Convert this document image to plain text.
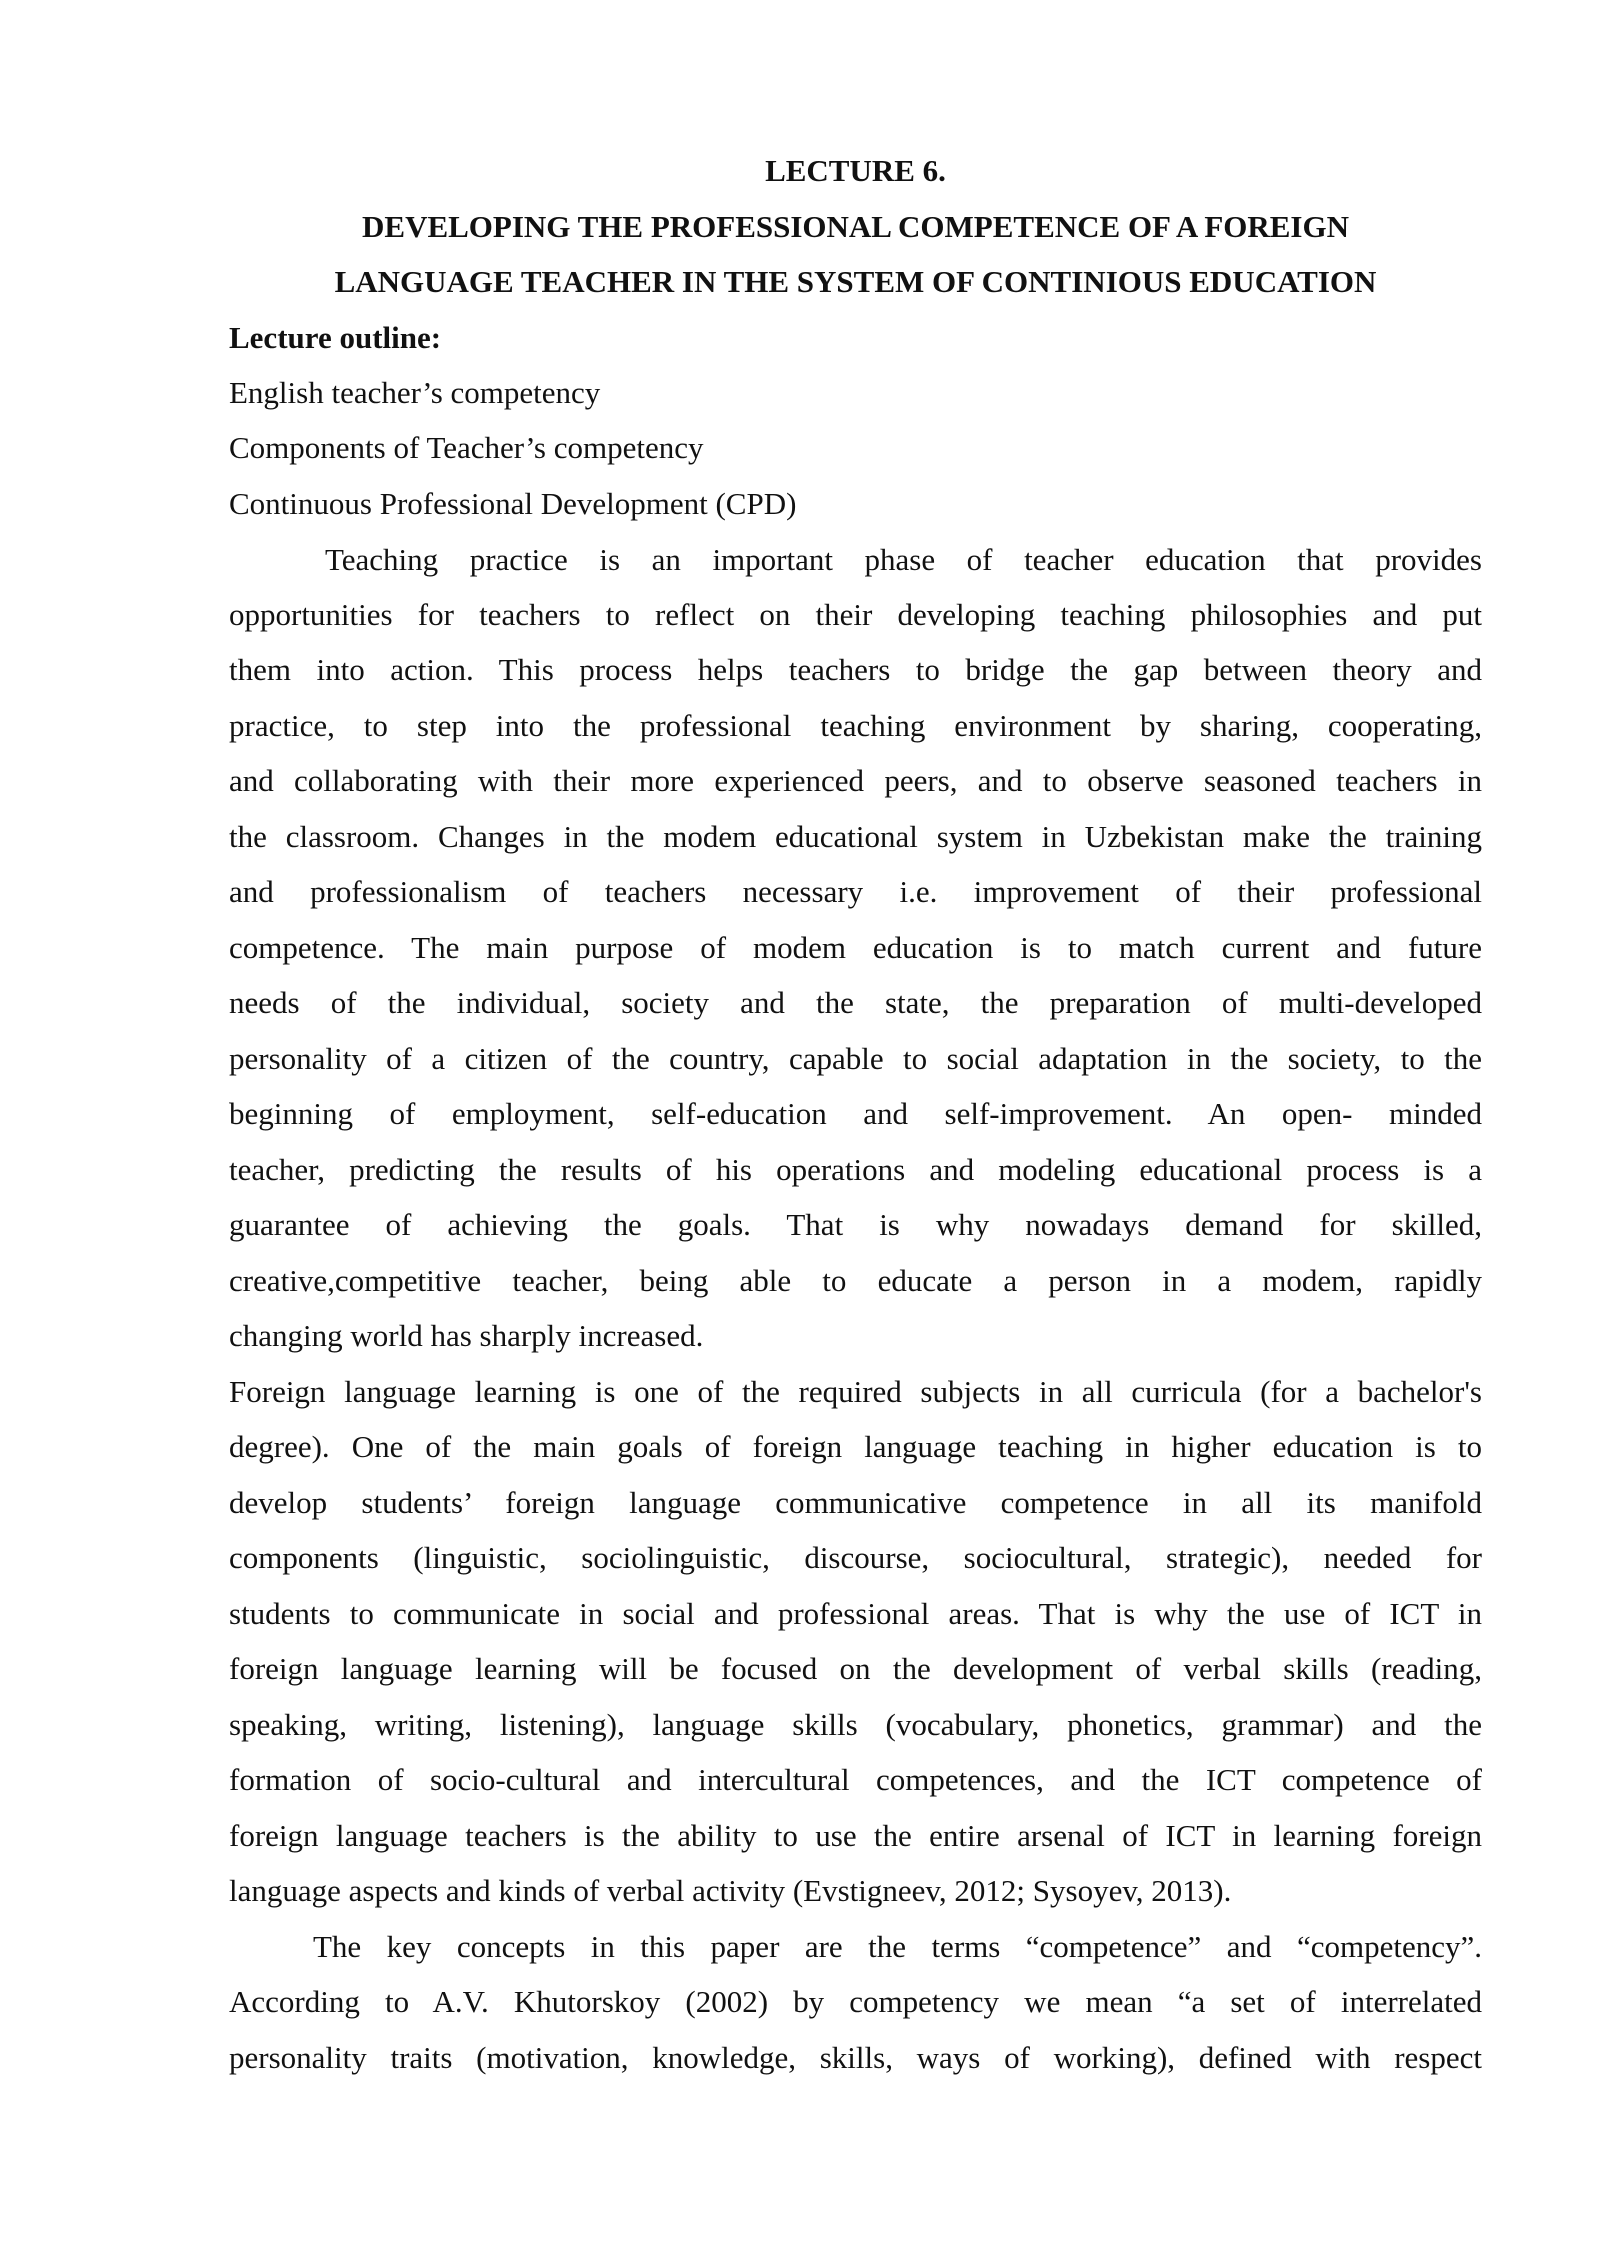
LECTURE 6.
DEVELOPING THE PROFESSIONAL COMPETENCE OF A FOREIGN
LANGUAGE TEACHER IN THE SYSTEM OF CONTINIOUS EDUCATION
Lecture outline:
English teacher’s competency
Components of Teacher’s competency
Continuous Professional Development (CPD)
Teaching practice is an important phase of teacher education that provides
opportunities for teachers to reflect on their developing teaching philosophies and put
them into action. This process helps teachers to bridge the gap between theory and
practice, to step into the professional teaching environment by sharing, cooperating,
and collaborating with their more experienced peers, and to observe seasoned teachers in
the classroom. Changes in the modem educational system in Uzbekistan make the training
and professionalism of teachers necessary i.e. improvement of their professional
competence. The main purpose of modem education is to match current and future
needs of the individual, society and the state, the preparation of multi-developed
personality of a citizen of the country, capable to social adaptation in the society, to the
beginning of employment, self-education and self-improvement. An open- minded
teacher, predicting the results of his operations and modeling educational process is a
guarantee of achieving the goals. That is why nowadays demand for skilled,
creative,competitive teacher, being able to educate a person in a modem, rapidly
changing world has sharply increased.
Foreign language learning is one of the required subjects in all curricula (for a bachelor's
degree). One of the main goals of foreign language teaching in higher education is to
develop students’ foreign language communicative competence in all its manifold
components (linguistic, sociolinguistic, discourse, sociocultural, strategic), needed for
students to communicate in social and professional areas. That is why the use of ICT in
foreign language learning will be focused on the development of verbal skills (reading,
speaking, writing, listening), language skills (vocabulary, phonetics, grammar) and the
formation of socio-cultural and intercultural competences, and the ICT competence of
foreign language teachers is the ability to use the entire arsenal of ICT in learning foreign
language aspects and kinds of verbal activity (Evstigneev, 2012; Sysoyev, 2013).
The key concepts in this paper are the terms “competence” and “competency”.
According to A.V. Khutorskoy (2002) by competency we mean “a set of interrelated
personality traits (motivation, knowledge, skills, ways of working), defined with respect
